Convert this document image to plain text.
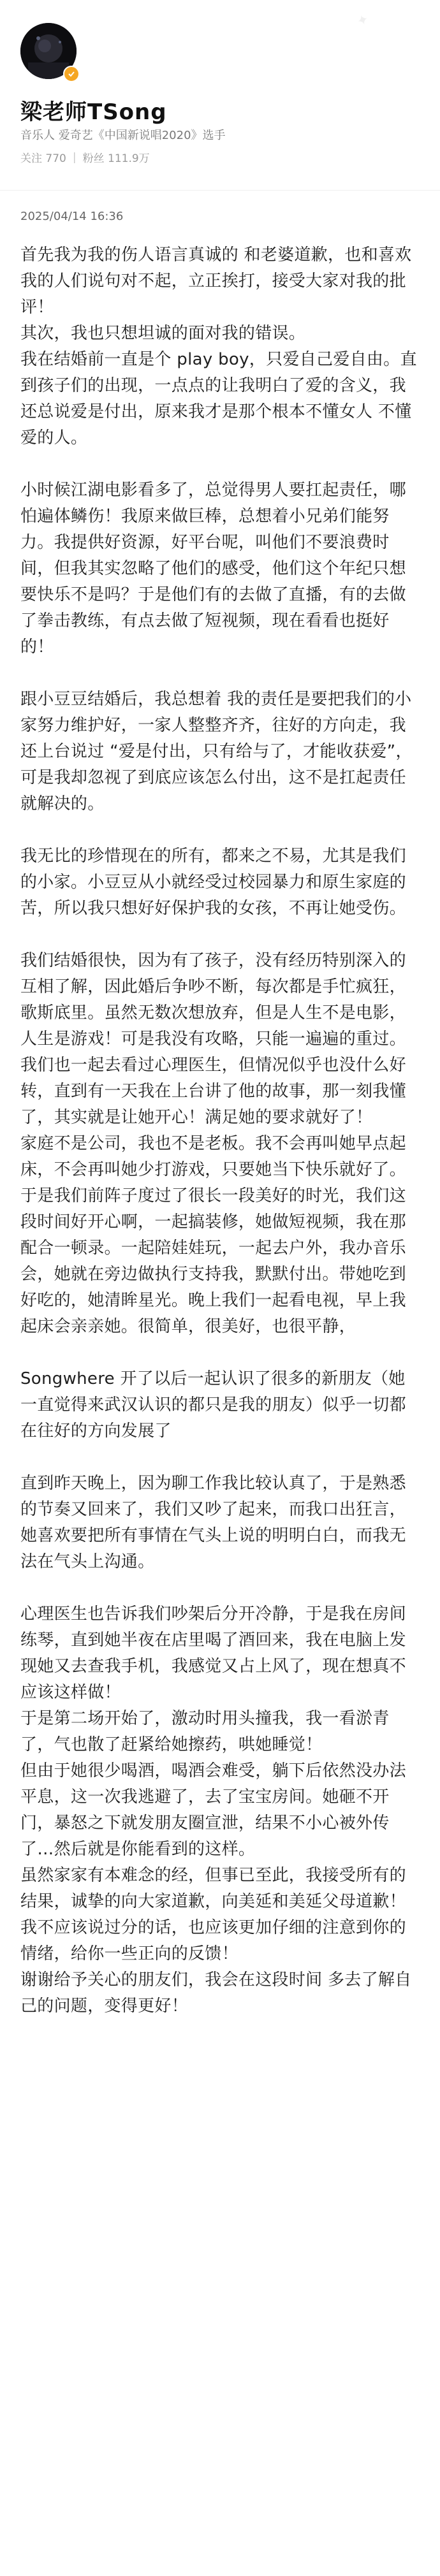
✦
梁老师TSong
音乐人 爱奇艺《中国新说唱2020》选手
关注 770 | 粉丝 111.9万
2025/04/14 16:36

首先我为我的伤人语言真诚的 和老婆道歉，也和喜欢我的人们说句对不起，立正挨打，接受大家对我的批评！

其次，我也只想坦诚的面对我的错误。

我在结婚前一直是个 play boy，只爱自己爱自由。直到孩子们的出现，一点点的让我明白了爱的含义，我还总说爱是付出，原来我才是那个根本不懂女人 不懂爱的人。

小时候江湖电影看多了，总觉得男人要扛起责任，哪怕遍体鳞伤！我原来做巨棒，总想着小兄弟们能努力。我提供好资源，好平台呢，叫他们不要浪费时间，但我其实忽略了他们的感受，他们这个年纪只想要快乐不是吗？于是他们有的去做了直播，有的去做了拳击教练，有点去做了短视频，现在看看也挺好的！

跟小豆豆结婚后，我总想着 我的责任是要把我们的小家努力维护好，一家人整整齐齐，往好的方向走，我还上台说过 “爱是付出，只有给与了，才能收获爱”，可是我却忽视了到底应该怎么付出，这不是扛起责任就解决的。

我无比的珍惜现在的所有，都来之不易，尤其是我们的小家。小豆豆从小就经受过校园暴力和原生家庭的苦，所以我只想好好保护我的女孩，不再让她受伤。

我们结婚很快，因为有了孩子，没有经历特别深入的互相了解，因此婚后争吵不断，每次都是手忙疯狂，歌斯底里。虽然无数次想放弃，但是人生不是电影，人生是游戏！可是我没有攻略，只能一遍遍的重过。

我们也一起去看过心理医生，但情况似乎也没什么好转，直到有一天我在上台讲了他的故事，那一刻我懂了，其实就是让她开心！满足她的要求就好了！

家庭不是公司，我也不是老板。我不会再叫她早点起床，不会再叫她少打游戏，只要她当下快乐就好了。

于是我们前阵子度过了很长一段美好的时光，我们这段时间好开心啊，一起搞装修，她做短视频，我在那配合一顿录。一起陪娃娃玩，一起去户外，我办音乐会，她就在旁边做执行支持我，默默付出。带她吃到好吃的，她清眸星光。晚上我们一起看电视，早上我起床会亲亲她。很简单，很美好，也很平静，

Songwhere 开了以后一起认识了很多的新朋友（她一直觉得来武汉认识的都只是我的朋友）似乎一切都在往好的方向发展了

直到昨天晚上，因为聊工作我比较认真了，于是熟悉的节奏又回来了，我们又吵了起来，而我口出狂言，她喜欢要把所有事情在气头上说的明明白白，而我无法在气头上沟通。

心理医生也告诉我们吵架后分开冷静，于是我在房间练琴，直到她半夜在店里喝了酒回来，我在电脑上发现她又去查我手机，我感觉又占上风了，现在想真不应该这样做！

于是第二场开始了，激动时用头撞我，我一看淤青了，气也散了赶紧给她擦药，哄她睡觉！

但由于她很少喝酒，喝酒会难受，躺下后依然没办法平息，这一次我逃避了，去了宝宝房间。她砸不开门，暴怒之下就发朋友圈宣泄，结果不小心被外传了…然后就是你能看到的这样。

虽然家家有本难念的经，但事已至此，我接受所有的结果，诚挚的向大家道歉，向美延和美延父母道歉！

我不应该说过分的话，也应该更加仔细的注意到你的情绪，给你一些正向的反馈！

谢谢给予关心的朋友们，我会在这段时间 多去了解自己的问题，变得更好！
